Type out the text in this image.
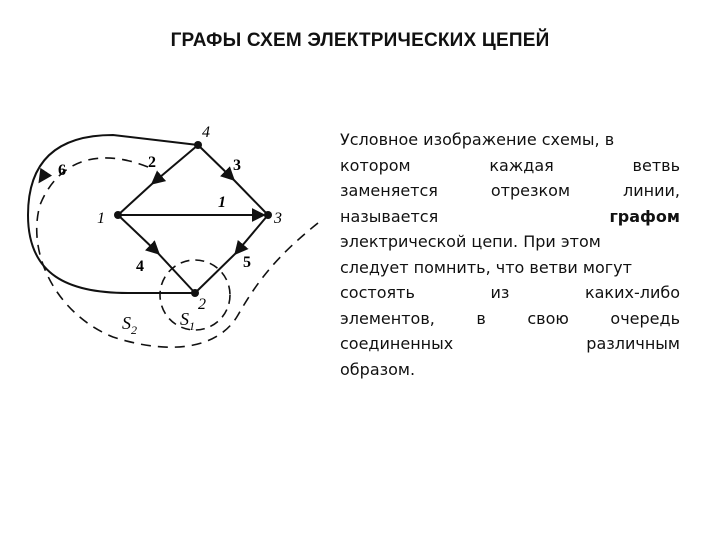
ГРАФЫ СХЕМ ЭЛЕКТРИЧЕСКИХ ЦЕПЕЙ
4
1	3
2
1
2	3
4	5
6
$S_1$
$S_2$
Условное изображение схемы, в
котором каждая ветвь
заменяется отрезком линии,
называется	графом
электрической цепи. При этом
следует помнить, что ветви могут
состоять из каких-либо
элементов, в свою очередь
соединенных различным
образом.
